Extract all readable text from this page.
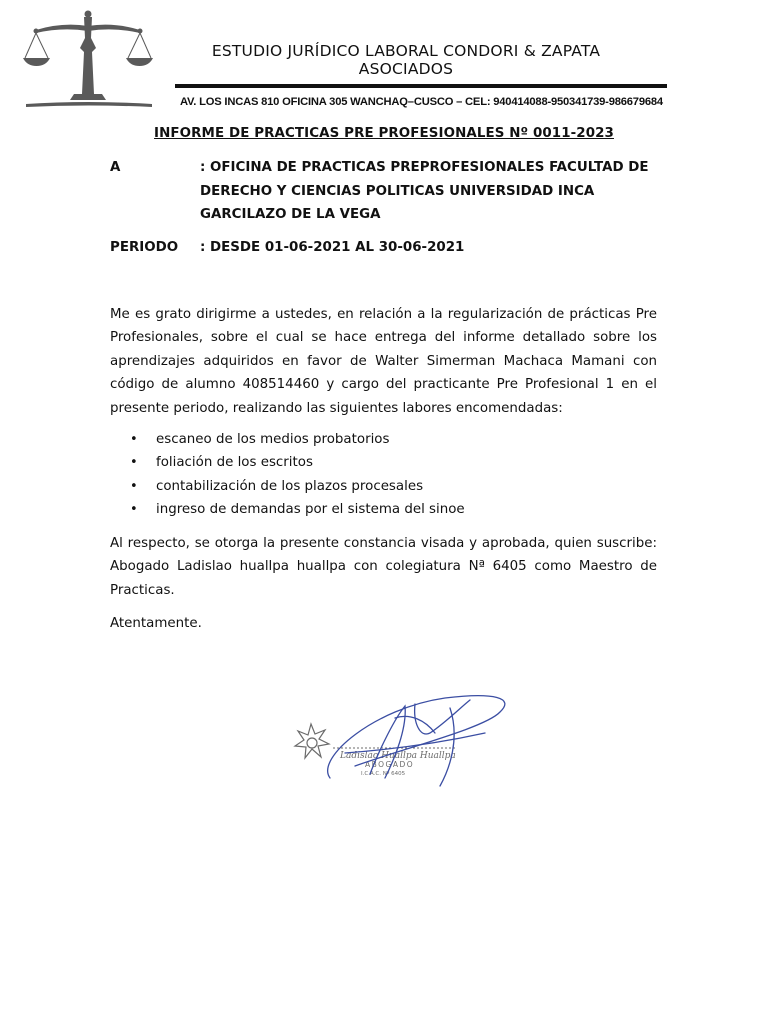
ESTUDIO JURÍDICO LABORAL CONDORI & ZAPATA
ASOCIADOS
AV. LOS INCAS 810 OFICINA 305 WANCHAQ–CUSCO – CEL: 940414088-950341739-986679684
INFORME DE PRACTICAS PRE PROFESIONALES Nº 0011-2023
A	: OFICINA DE PRACTICAS PREPROFESIONALES FACULTAD DE DERECHO Y CIENCIAS POLITICAS UNIVERSIDAD INCA GARCILAZO DE LA VEGA
PERIODO : DESDE 01-06-2021 AL 30-06-2021
Me es grato dirigirme a ustedes, en relación a la regularización de prácticas Pre Profesionales, sobre el cual se hace entrega del informe detallado sobre los aprendizajes adquiridos en favor de Walter Simerman Machaca Mamani con código de alumno 408514460 y cargo del practicante Pre Profesional 1 en el presente periodo, realizando las siguientes labores encomendadas:
• escaneo de los medios probatorios
• foliación de los escritos
• contabilización de los plazos procesales
• ingreso de demandas por el sistema del sinoe
Al respecto, se otorga la presente constancia visada y aprobada, quien suscribe: Abogado Ladislao huallpa huallpa con colegiatura Nª 6405 como Maestro de Practicas.
Atentamente.
Ladislao Huallpa Huallpa
ABOGADO
I.C.A.C. Nº 6405
